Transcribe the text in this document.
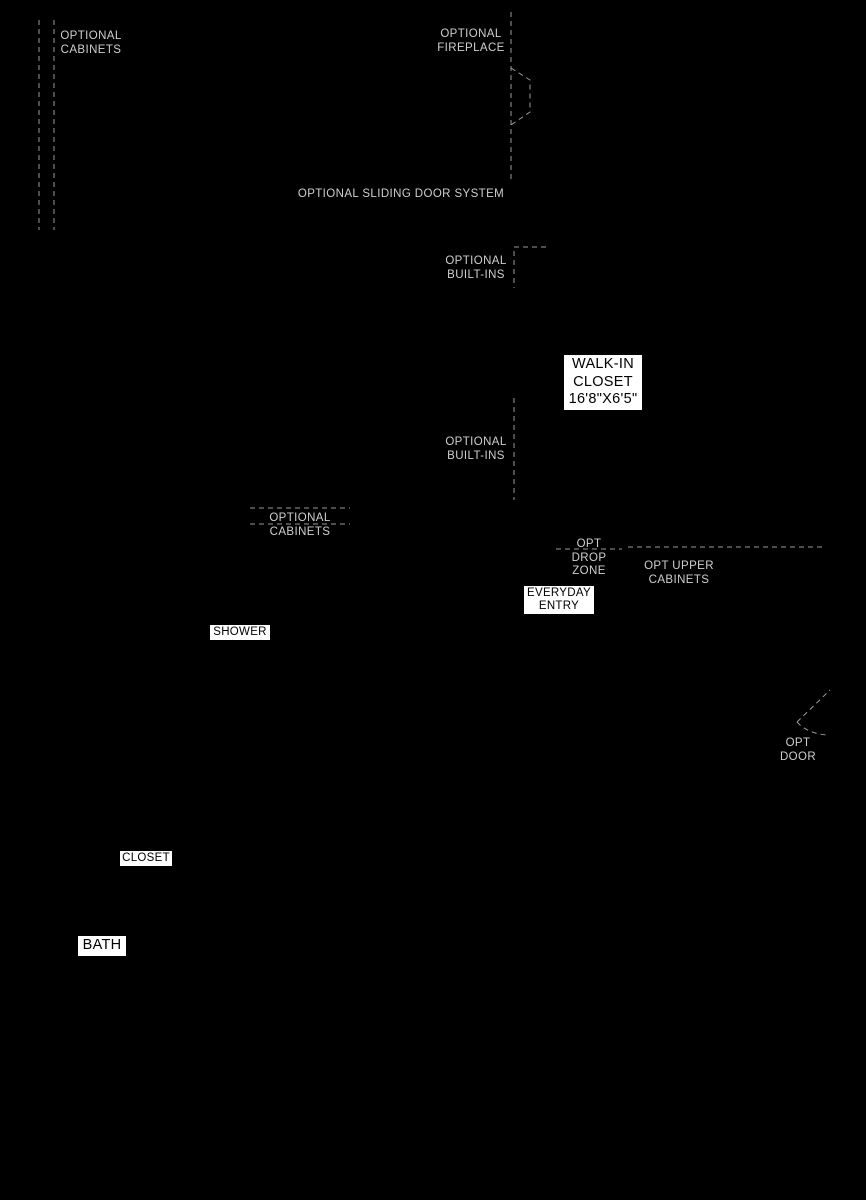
OPTIONAL
CABINETS
OPTIONAL
FIREPLACE
OPTIONAL SLIDING DOOR SYSTEM
OPTIONAL
BUILT-INS
OPTIONAL
BUILT-INS
OPTIONAL
CABINETS
OPT
DROP
ZONE	OPT UPPER
CABINETS
OPT
DOOR
WALK-IN
CLOSET
16'8"X6'5"
EVERYDAY
ENTRY
SHOWER
CLOSET
BATH
